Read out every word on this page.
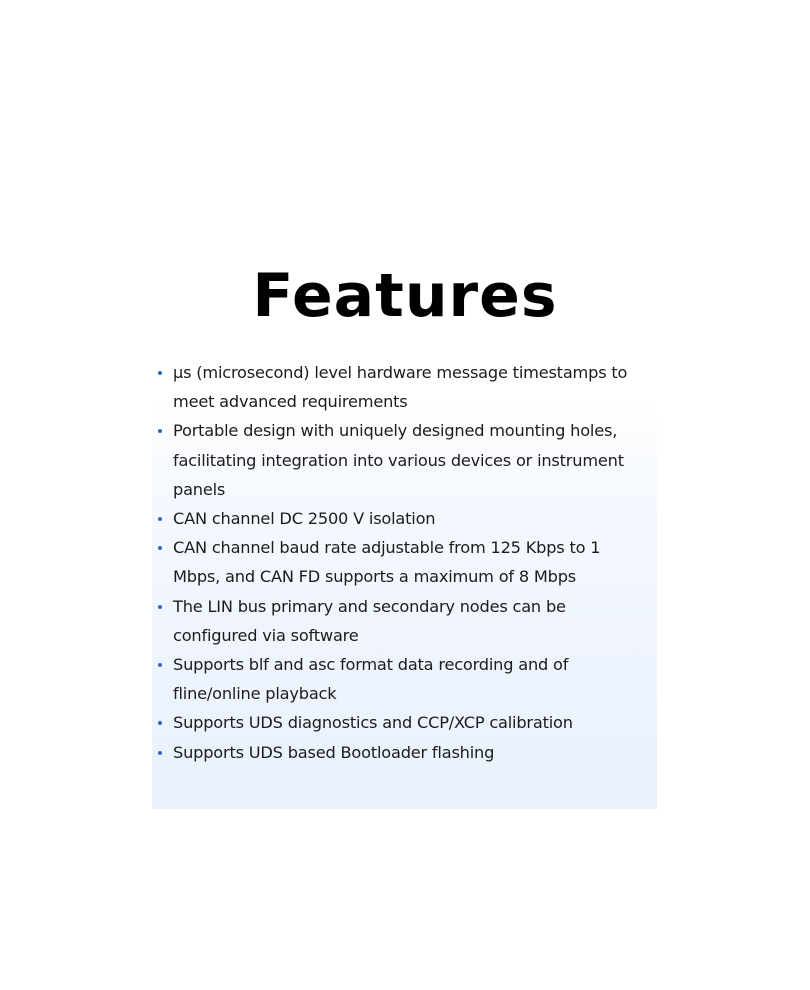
Features
µs (microsecond) level hardware message timestamps to meet advanced requirements
Portable design with uniquely designed mounting holes, facilitating integration into various devices or instrument panels
CAN channel DC 2500 V isolation
CAN channel baud rate adjustable from 125 Kbps to 1 Mbps, and CAN FD supports a maximum of 8 Mbps
The LIN bus primary and secondary nodes can be configured via software
Supports blf and asc format data recording and of fline/online playback
Supports UDS diagnostics and CCP/XCP calibration
Supports UDS based Bootloader flashing
